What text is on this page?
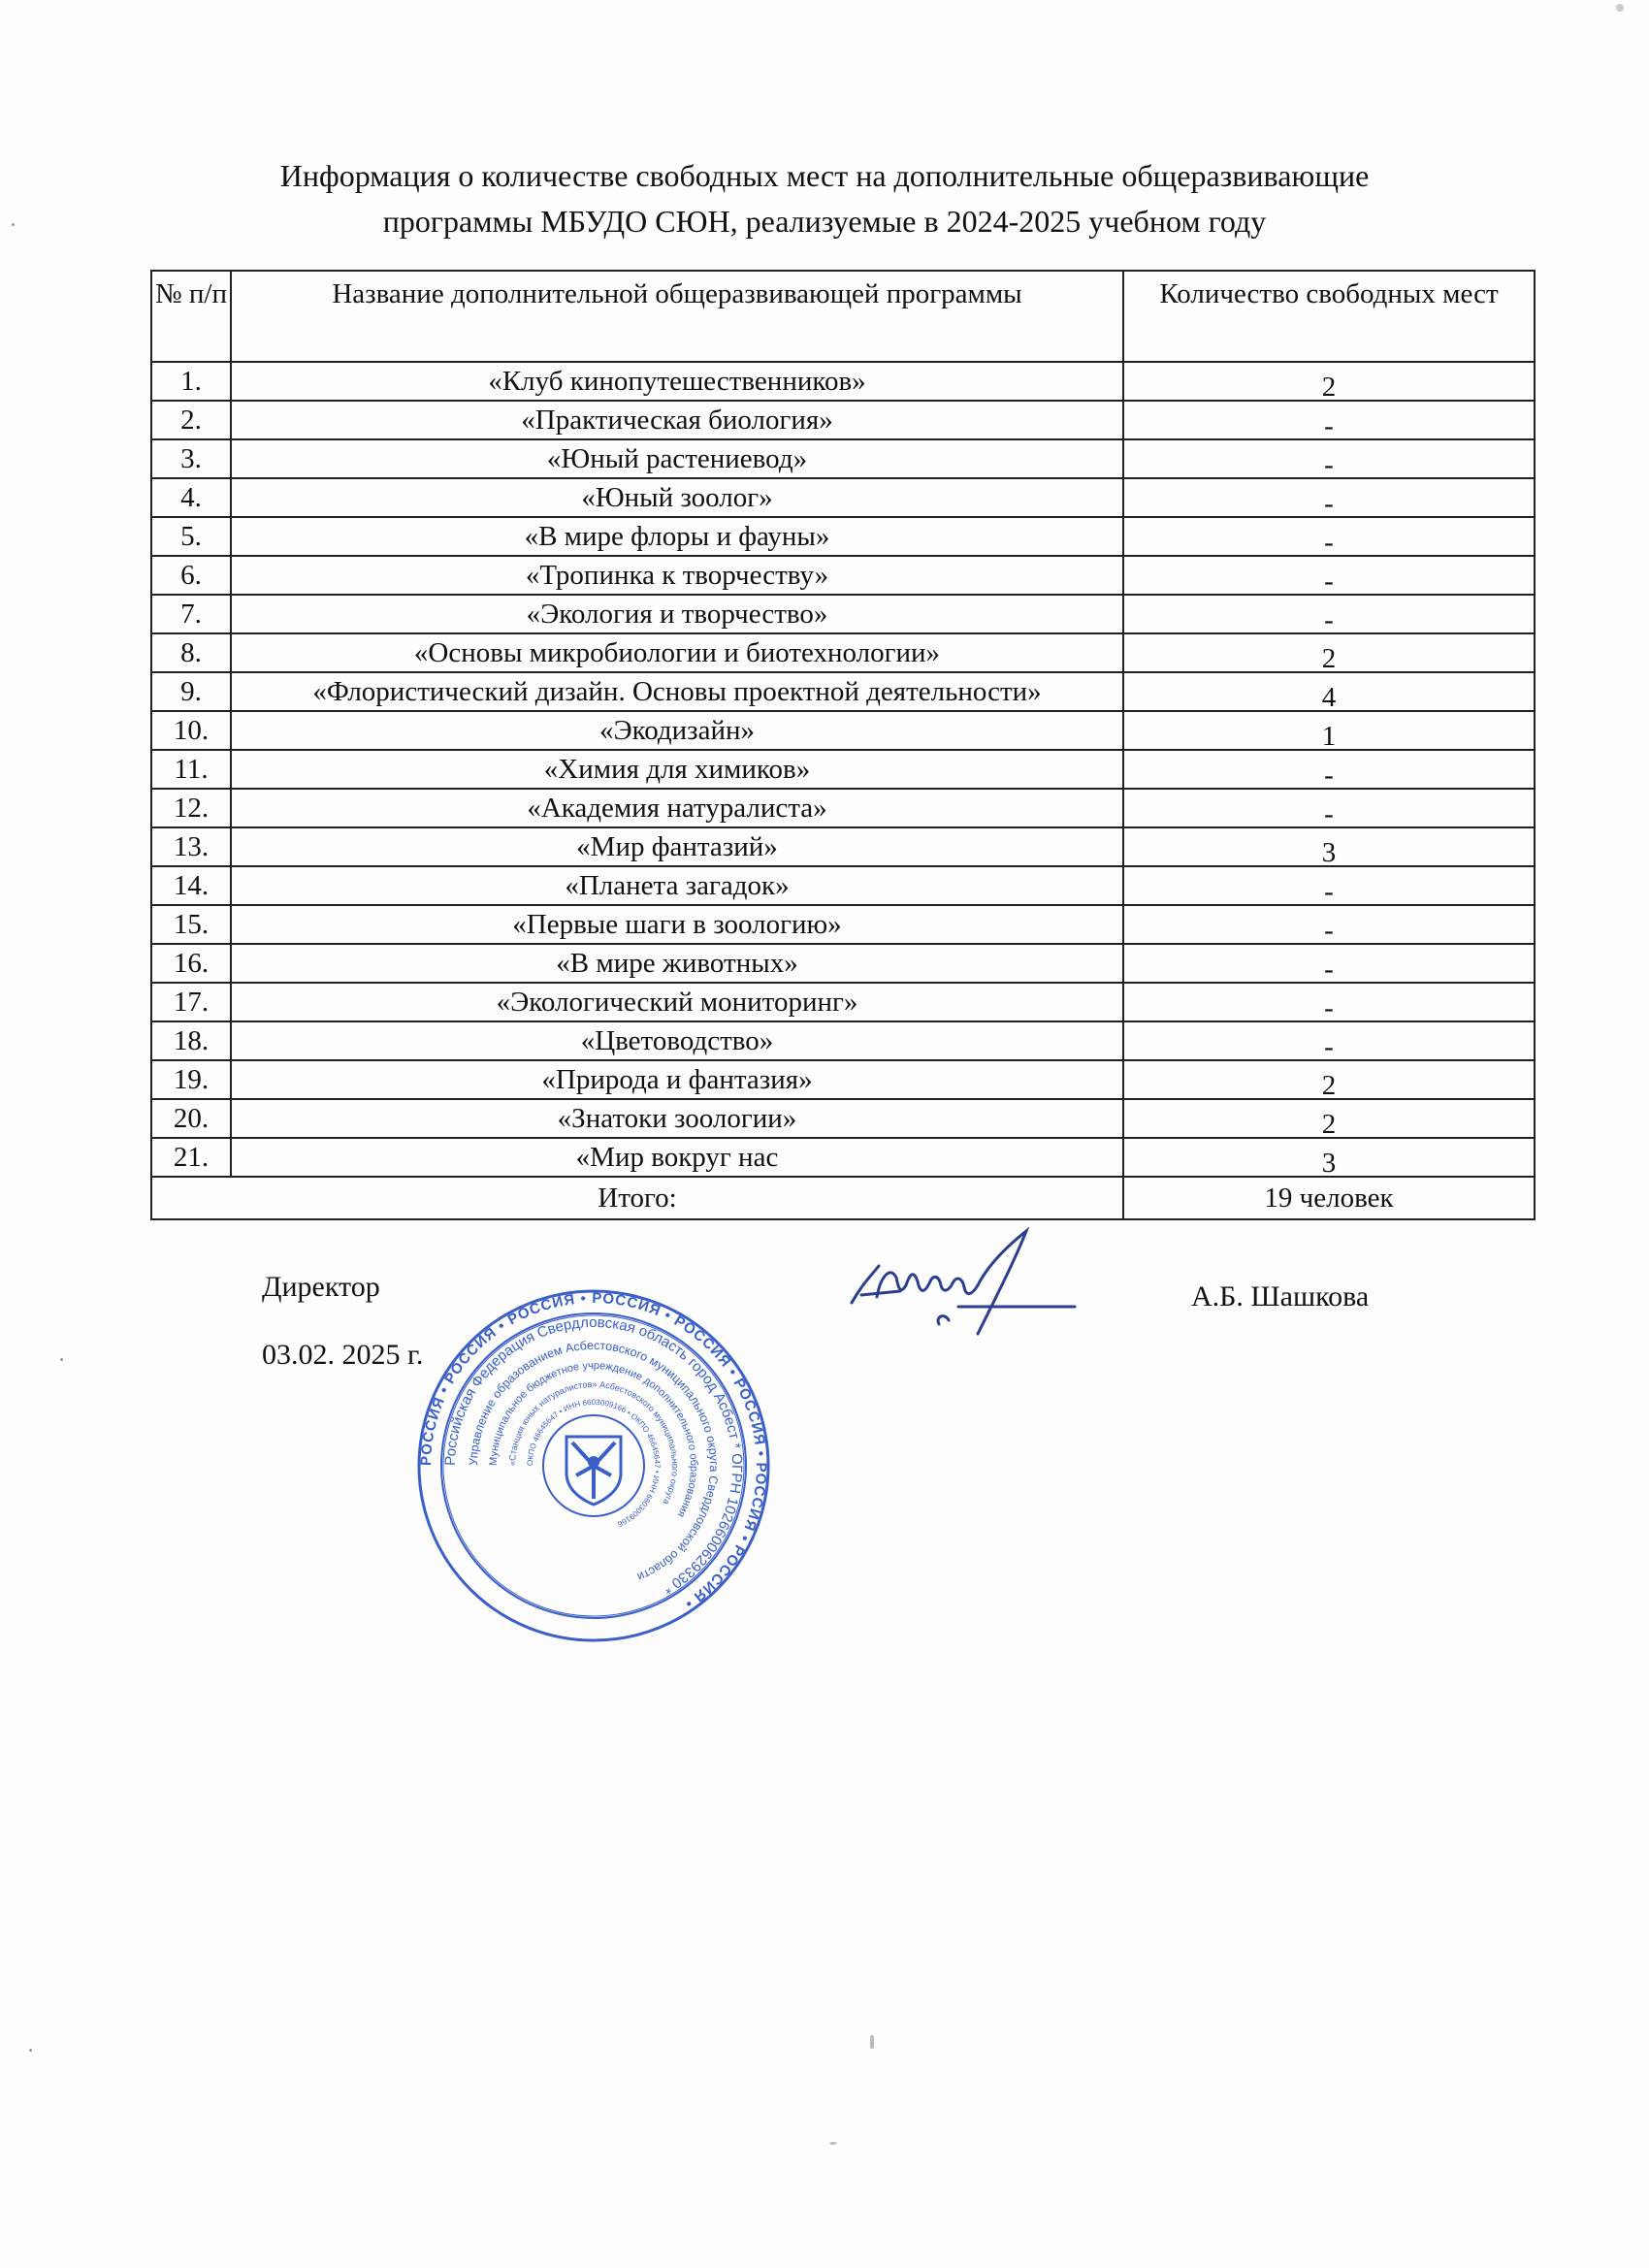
Информация о количестве свободных мест на дополнительные общеразвивающие
программы МБУДО СЮН, реализуемые в 2024-2025 учебном году
№ п/п	Название дополнительной общеразвивающей программы	Количество свободных мест
1.	«Клуб кинопутешественников»	2
2.	«Практическая биология»	-
3.	«Юный растениевод»	-
4.	«Юный зоолог»	-
5.	«В мире флоры и фауны»	-
6.	«Тропинка к творчеству»	-
7.	«Экология и творчество»	-
8.	«Основы микробиологии и биотехнологии»	2
9.	«Флористический дизайн. Основы проектной деятельности»	4
10.	«Экодизайн»	1
11.	«Химия для химиков»	-
12.	«Академия натуралиста»	-
13.	«Мир фантазий»	3
14.	«Планета загадок»	-
15.	«Первые шаги в зоологию»	-
16.	«В мире животных»	-
17.	«Экологический мониторинг»	-
18.	«Цветоводство»	-
19.	«Природа и фантазия»	2
20.	«Знатоки зоологии»	2
21.	«Мир вокруг нас	3
Итого:		19 человек
Директор
03.02. 2025 г.
А.Б. Шашкова
РОССИЯ • РОССИЯ • РОССИЯ • РОССИЯ • РОССИЯ • РОССИЯ • РОССИЯ • РОССИЯ •
Российская Федерация Свердловская область город Асбест * ОГРН 1026600629330 *
Управление образованием Асбестовского муниципального округа Свердловской области
Муниципальное бюджетное учреждение дополнительного образования
«Станция юных натуралистов» Асбестовского муниципального округа
ОКПО 46645647 • ИНН 6603009166 • ОКПО 46645647 • ИНН 6603009166
